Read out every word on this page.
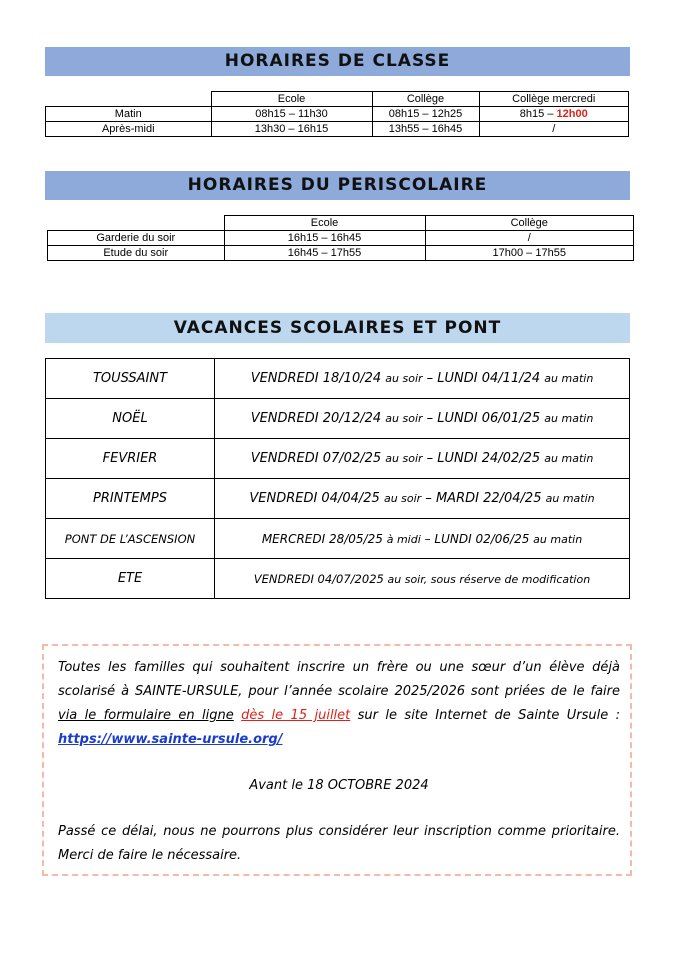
HORAIRES DE CLASSE
	Ecole	Collège	Collège mercredi
Matin	08h15 – 11h30	08h15 – 12h25	8h15 – 12h00
Après-midi	13h30 – 16h15	13h55 – 16h45	/
HORAIRES DU PERISCOLAIRE
	Ecole	Collège
Garderie du soir	16h15 – 16h45	/
Etude du soir	16h45 – 17h55	17h00 – 17h55
VACANCES SCOLAIRES ET PONT
TOUSSAINT	VENDREDI 18/10/24 au soir – LUNDI 04/11/24 au matin
NOËL	VENDREDI 20/12/24 au soir – LUNDI 06/01/25 au matin
FEVRIER	VENDREDI 07/02/25 au soir – LUNDI 24/02/25 au matin
PRINTEMPS	VENDREDI 04/04/25 au soir – MARDI 22/04/25 au matin
PONT DE L’ASCENSION	MERCREDI 28/05/25 à midi – LUNDI 02/06/25 au matin
ETE	VENDREDI 04/07/2025 au soir, sous réserve de modification

Toutes les familles qui souhaitent inscrire un frère ou une sœur d’un élève déjà scolarisé à SAINTE-URSULE, pour l’année scolaire 2025/2026 sont priées de le faire via le formulaire en ligne dès le 15 juillet sur le site Internet de Sainte Ursule : https://www.sainte-ursule.org/

Avant le 18 OCTOBRE 2024

Passé ce délai, nous ne pourrons plus considérer leur inscription comme prioritaire. Merci de faire le nécessaire.
